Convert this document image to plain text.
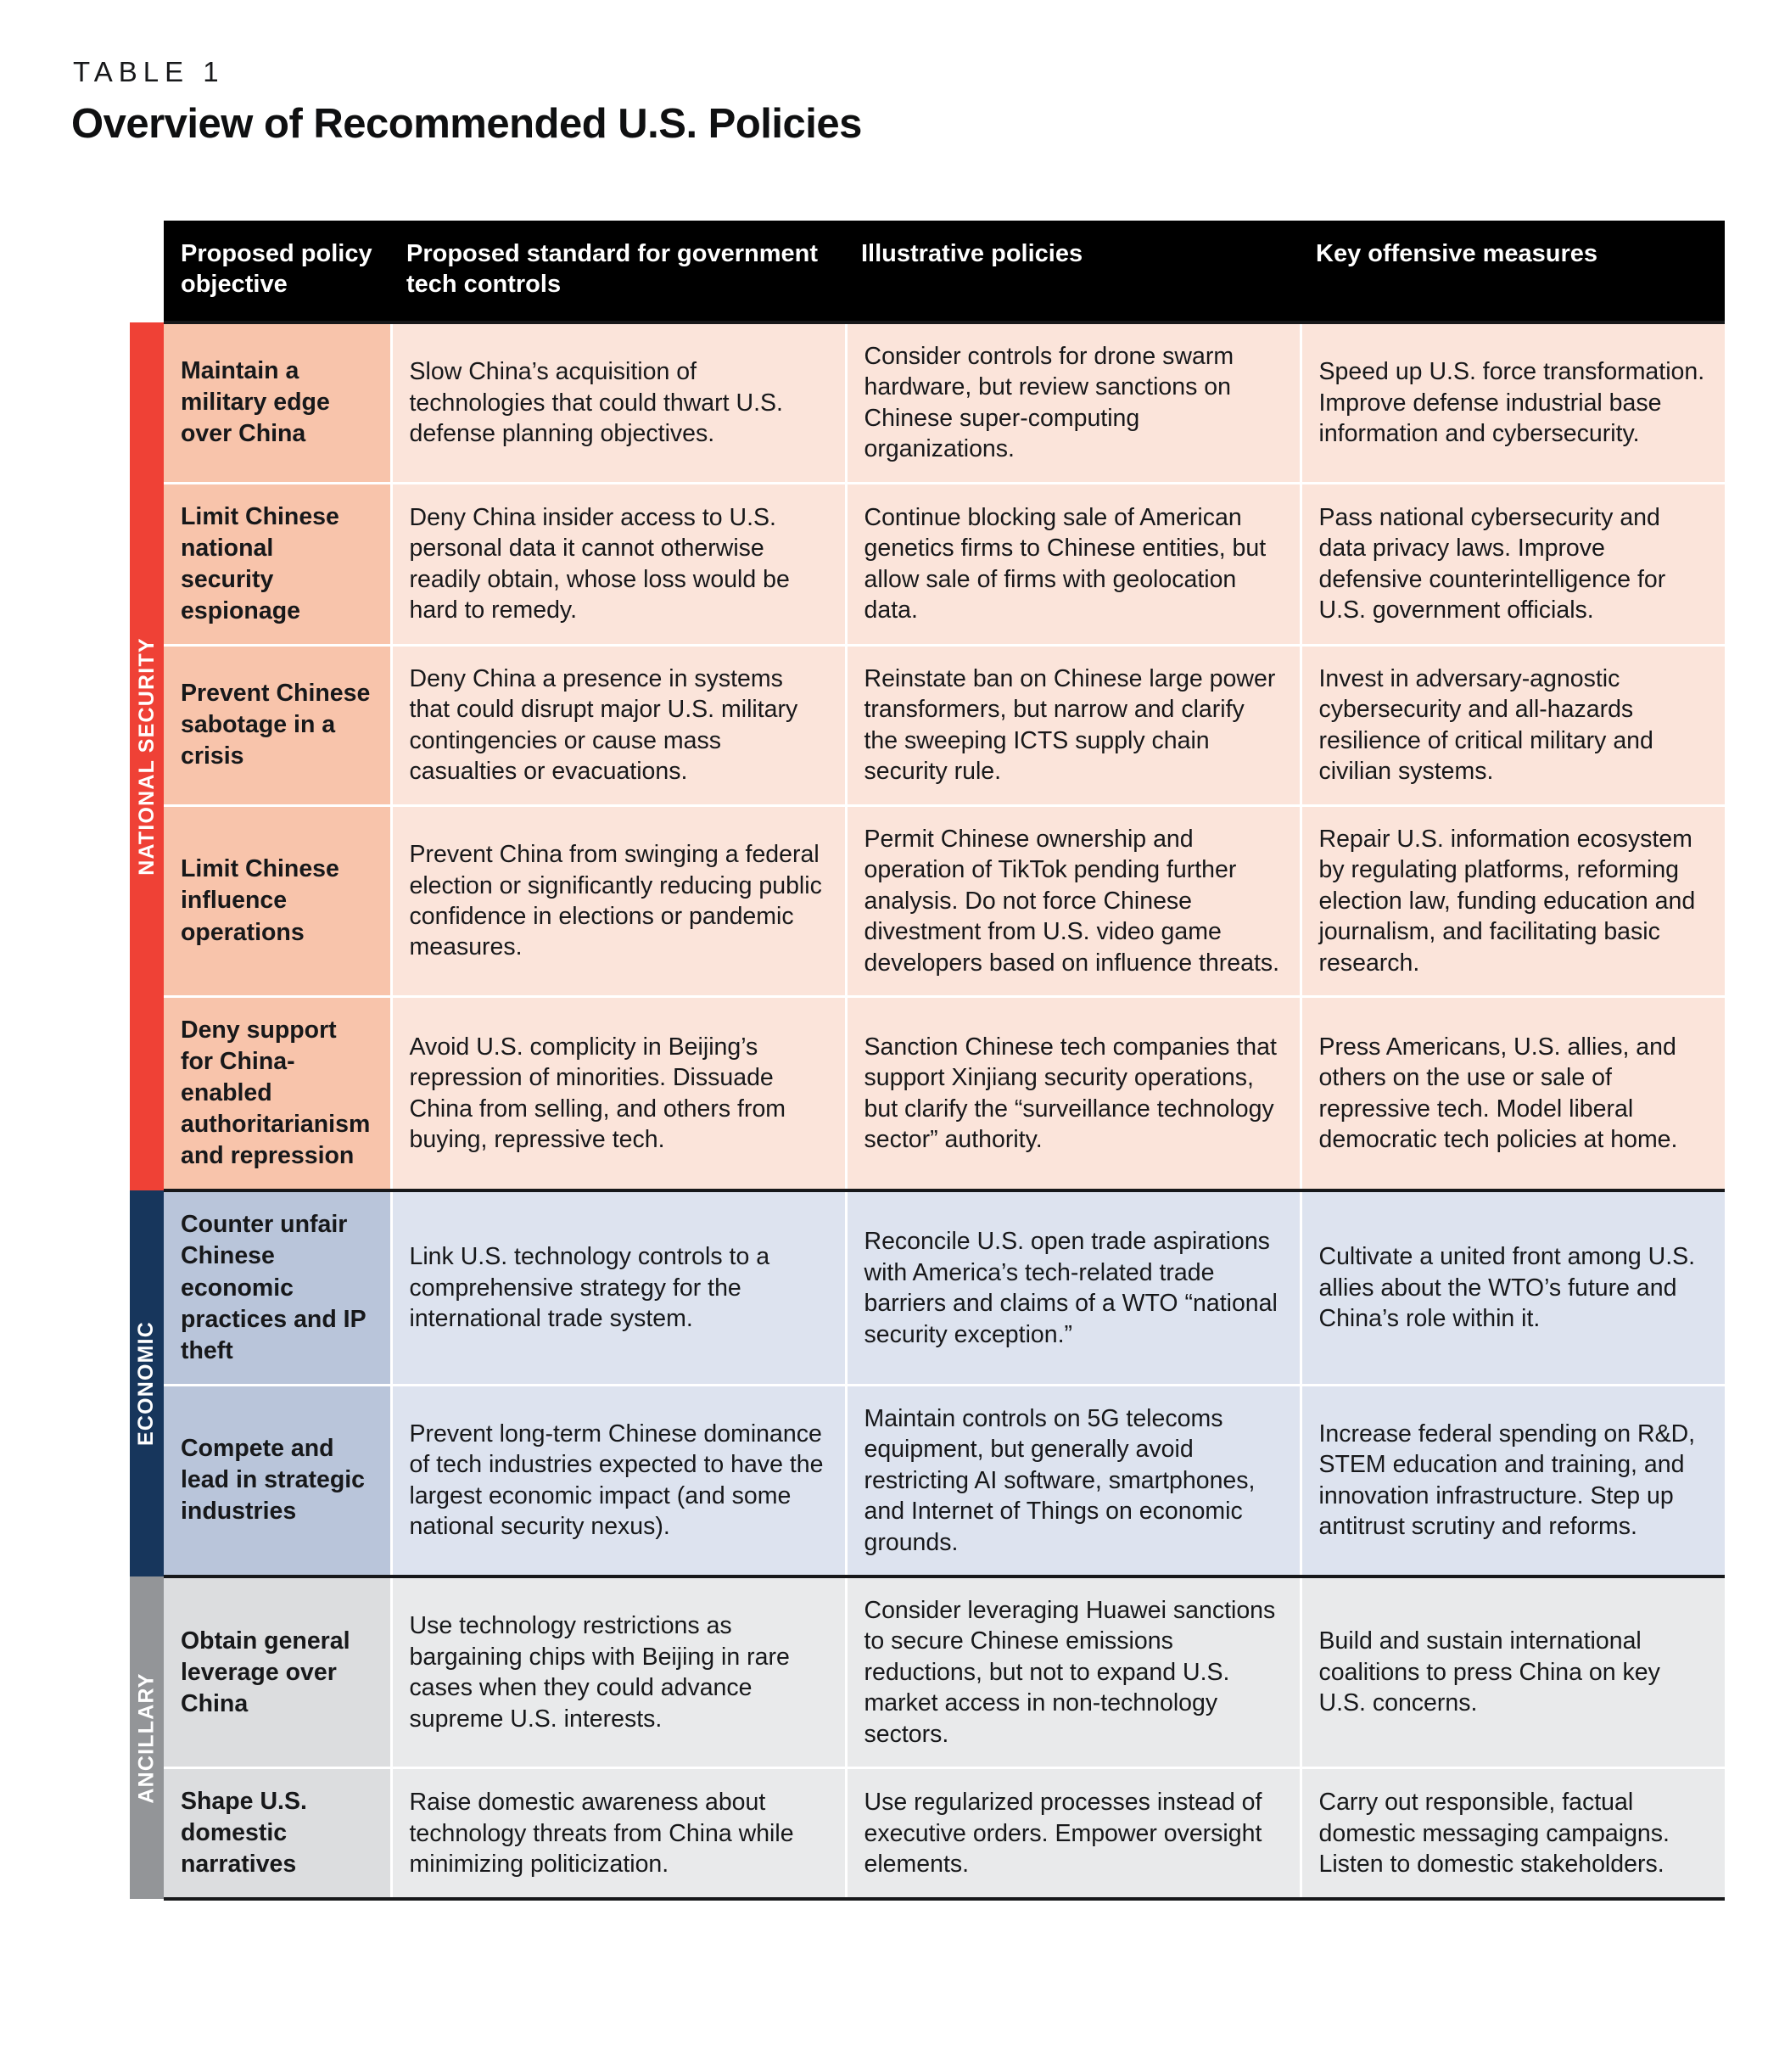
TABLE 1
Overview of Recommended U.S. Policies
NATIONAL SECURITY
ECONOMIC
ANCILLARY
Proposed policy objective	Proposed standard for government tech controls	Illustrative policies	Key offensive measures
Maintain a military edge over China	Slow China’s acquisition of technologies that could thwart U.S. defense planning objectives.	Consider controls for drone swarm hardware, but review sanctions on Chinese super-computing organizations.	Speed up U.S. force transformation. Improve defense industrial base information and cybersecurity.
Limit Chinese national security espionage	Deny China insider access to U.S. personal data it cannot otherwise readily obtain, whose loss would be hard to remedy.	Continue blocking sale of American genetics firms to Chinese entities, but allow sale of firms with geolocation data.	Pass national cybersecurity and data privacy laws. Improve defensive counterintelligence for U.S. government officials.
Prevent Chinese sabotage in a crisis	Deny China a presence in systems that could disrupt major U.S. military contingencies or cause mass casualties or evacuations.	Reinstate ban on Chinese large power transformers, but narrow and clarify the sweeping ICTS supply chain security rule.	Invest in adversary-agnostic cybersecurity and all-hazards resilience of critical military and civilian systems.
Limit Chinese influence operations	Prevent China from swinging a federal election or significantly reducing public confidence in elections or pandemic measures.	Permit Chinese ownership and operation of TikTok pending further analysis. Do not force Chinese divestment from U.S. video game developers based on influence threats.	Repair U.S. information ecosystem by regulating platforms, reforming election law, funding education and journalism, and facilitating basic research.
Deny support for China-enabled authoritarianism and repression	Avoid U.S. complicity in Beijing’s repression of minorities. Dissuade China from selling, and others from buying, repressive tech.	Sanction Chinese tech companies that support Xinjiang security operations, but clarify the “surveillance technology sector” authority.	Press Americans, U.S. allies, and others on the use or sale of repressive tech. Model liberal democratic tech policies at home.
Counter unfair Chinese economic practices and IP theft	Link U.S. technology controls to a comprehensive strategy for the international trade system.	Reconcile U.S. open trade aspirations with America’s tech-related trade barriers and claims of a WTO “national security exception.”	Cultivate a united front among U.S. allies about the WTO’s future and China’s role within it.
Compete and lead in strategic industries	Prevent long-term Chinese dominance of tech industries expected to have the largest economic impact (and some national security nexus).	Maintain controls on 5G telecoms equipment, but generally avoid restricting AI software, smartphones, and Internet of Things on economic grounds.	Increase federal spending on R&D, STEM education and training, and innovation infrastructure. Step up antitrust scrutiny and reforms.
Obtain general leverage over China	Use technology restrictions as bargaining chips with Beijing in rare cases when they could advance supreme U.S. interests.	Consider leveraging Huawei sanctions to secure Chinese emissions reductions, but not to expand U.S. market access in non-technology sectors.	Build and sustain international coalitions to press China on key U.S. concerns.
Shape U.S. domestic narratives	Raise domestic awareness about technology threats from China while minimizing politicization.	Use regularized processes instead of executive orders. Empower oversight elements.	Carry out responsible, factual domestic messaging campaigns. Listen to domestic stakeholders.
